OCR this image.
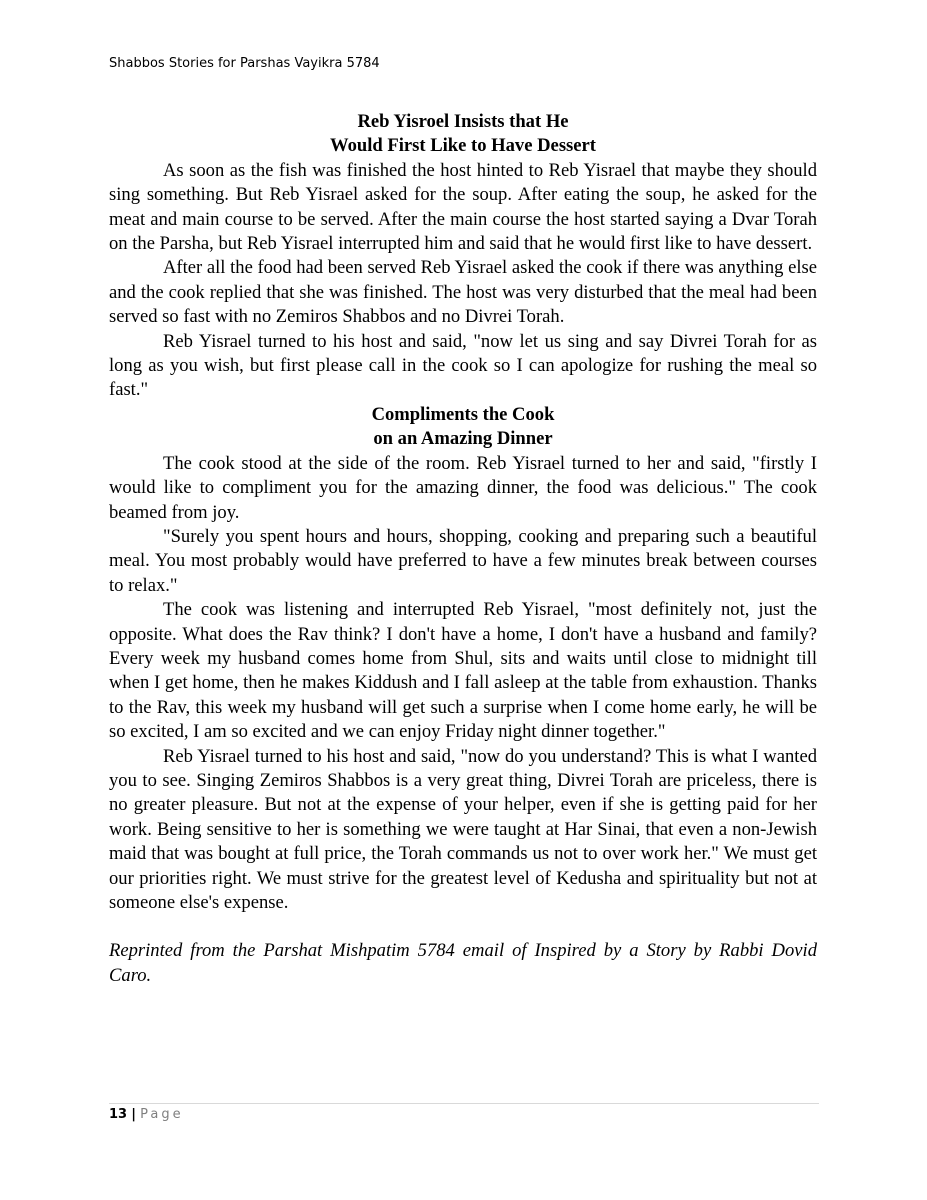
Shabbos Stories for Parshas Vayikra 5784

Reb Yisroel Insists that He
Would First Like to Have Dessert

As soon as the fish was finished the host hinted to Reb Yisrael that maybe they should sing something. But Reb Yisrael asked for the soup. After eating the soup, he asked for the meat and main course to be served. After the main course the host started saying a Dvar Torah on the Parsha, but Reb Yisrael interrupted him and said that he would first like to have dessert.

After all the food had been served Reb Yisrael asked the cook if there was anything else and the cook replied that she was finished. The host was very disturbed that the meal had been served so fast with no Zemiros Shabbos and no Divrei Torah.

Reb Yisrael turned to his host and said, "now let us sing and say Divrei Torah for as long as you wish, but first please call in the cook so I can apologize for rushing the meal so fast."

Compliments the Cook
on an Amazing Dinner

The cook stood at the side of the room. Reb Yisrael turned to her and said, "firstly I would like to compliment you for the amazing dinner, the food was delicious." The cook beamed from joy.

"Surely you spent hours and hours, shopping, cooking and preparing such a beautiful meal. You most probably would have preferred to have a few minutes break between courses to relax."

The cook was listening and interrupted Reb Yisrael, "most definitely not, just the opposite. What does the Rav think? I don't have a home, I don't have a husband and family? Every week my husband comes home from Shul, sits and waits until close to midnight till when I get home, then he makes Kiddush and I fall asleep at the table from exhaustion. Thanks to the Rav, this week my husband will get such a surprise when I come home early, he will be so excited, I am so excited and we can enjoy Friday night dinner together."

Reb Yisrael turned to his host and said, "now do you understand? This is what I wanted you to see. Singing Zemiros Shabbos is a very great thing, Divrei Torah are priceless, there is no greater pleasure. But not at the expense of your helper, even if she is getting paid for her work. Being sensitive to her is something we were taught at Har Sinai, that even a non-Jewish maid that was bought at full price, the Torah commands us not to over work her." We must get our priorities right. We must strive for the greatest level of Kedusha and spirituality but not at someone else's expense.

Reprinted from the Parshat Mishpatim 5784 email of Inspired by a Story by Rabbi Dovid Caro.

13 | Page
